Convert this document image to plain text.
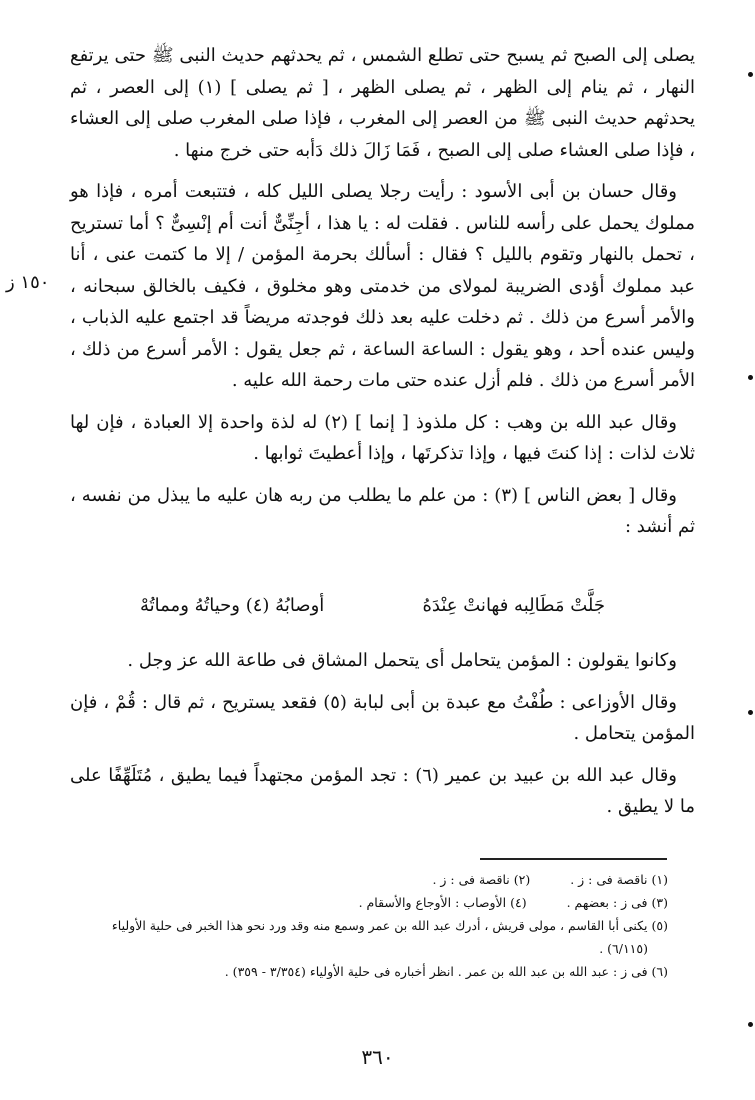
١٥٠ ز

يصلى إلى الصبح ثم يسبح حتى تطلع الشمس ، ثم يحدثهم حديث النبى ﷺ حتى يرتفع النهار ، ثم ينام إلى الظهر ، ثم يصلى الظهر ، [ ثم يصلى ] (١) إلى العصر ، ثم يحدثهم حديث النبى ﷺ من العصر إلى المغرب ، فإذا صلى المغرب صلى إلى العشاء ، فإذا صلى العشاء صلى إلى الصبح ، فَمَا زَالَ ذلك دَأبه حتى خرج منها .

وقال حسان بن أبى الأسود : رأيت رجلا يصلى الليل كله ، فتتبعت أمره ، فإذا هو مملوك يحمل على رأسه للناس . فقلت له : يا هذا ، أجِنِّىٌّ أنت أم إنْسِىٌّ ؟ أما تستريح ، تحمل بالنهار وتقوم بالليل ؟ فقال : أسألك بحرمة المؤمن / إلا ما كتمت عنى ، أنا عبد مملوك أؤدى الضريبة لمولاى من خدمتى وهو مخلوق ، فكيف بالخالق سبحانه ، والأمر أسرع من ذلك . ثم دخلت عليه بعد ذلك فوجدته مريضاً قد اجتمع عليه الذباب ، وليس عنده أحد ، وهو يقول : الساعة الساعة ، ثم جعل يقول : الأمر أسرع من ذلك ، الأمر أسرع من ذلك . فلم أزل عنده حتى مات رحمة الله عليه .

وقال عبد الله بن وهب : كل ملذوذ [ إنما ] (٢) له لذة واحدة إلا العبادة ، فإن لها ثلاث لذات : إذا كنتَ فيها ، وإذا تذكرتَها ، وإذا أعطيتَ ثوابها .

وقال [ بعض الناس ] (٣) : من علم ما يطلب من ربه هان عليه ما يبذل من نفسه ، ثم أنشد :

جَلَّتْ مَطَالِبه فهانتْ عِنْدَهُ
أوصابُهُ (٤) وحياتُهُ ومماتُهْ

وكانوا يقولون : المؤمن يتحامل أى يتحمل المشاق فى طاعة الله عز وجل .

وقال الأوزاعى : طُفْتُ مع عبدة بن أبى لبابة (٥) فقعد يستريح ، ثم قال : قُمْ ، فإن المؤمن يتحامل .

وقال عبد الله بن عبيد بن عمير (٦) : تجد المؤمن مجتهداً فيما يطيق ، مُتَلَهِّفًا على ما لا يطيق .

(١) ناقصة فى : ز .
(٢) ناقصة فى : ز .
(٣) فى ز : بعضهم .
(٤) الأوصاب : الأوجاع والأسقام .

(٥) يكنى أبا القاسم ، مولى قريش ، أدرك عبد الله بن عمر وسمع منه وقد ورد نحو هذا الخبر فى حلية الأولياء

(٦/١١٥) .

(٦) فى ز : عبد الله بن عبد الله بن عمر . انظر أخباره فى حلية الأولياء (٣/٣٥٤ - ٣٥٩) .

٣٦٠
